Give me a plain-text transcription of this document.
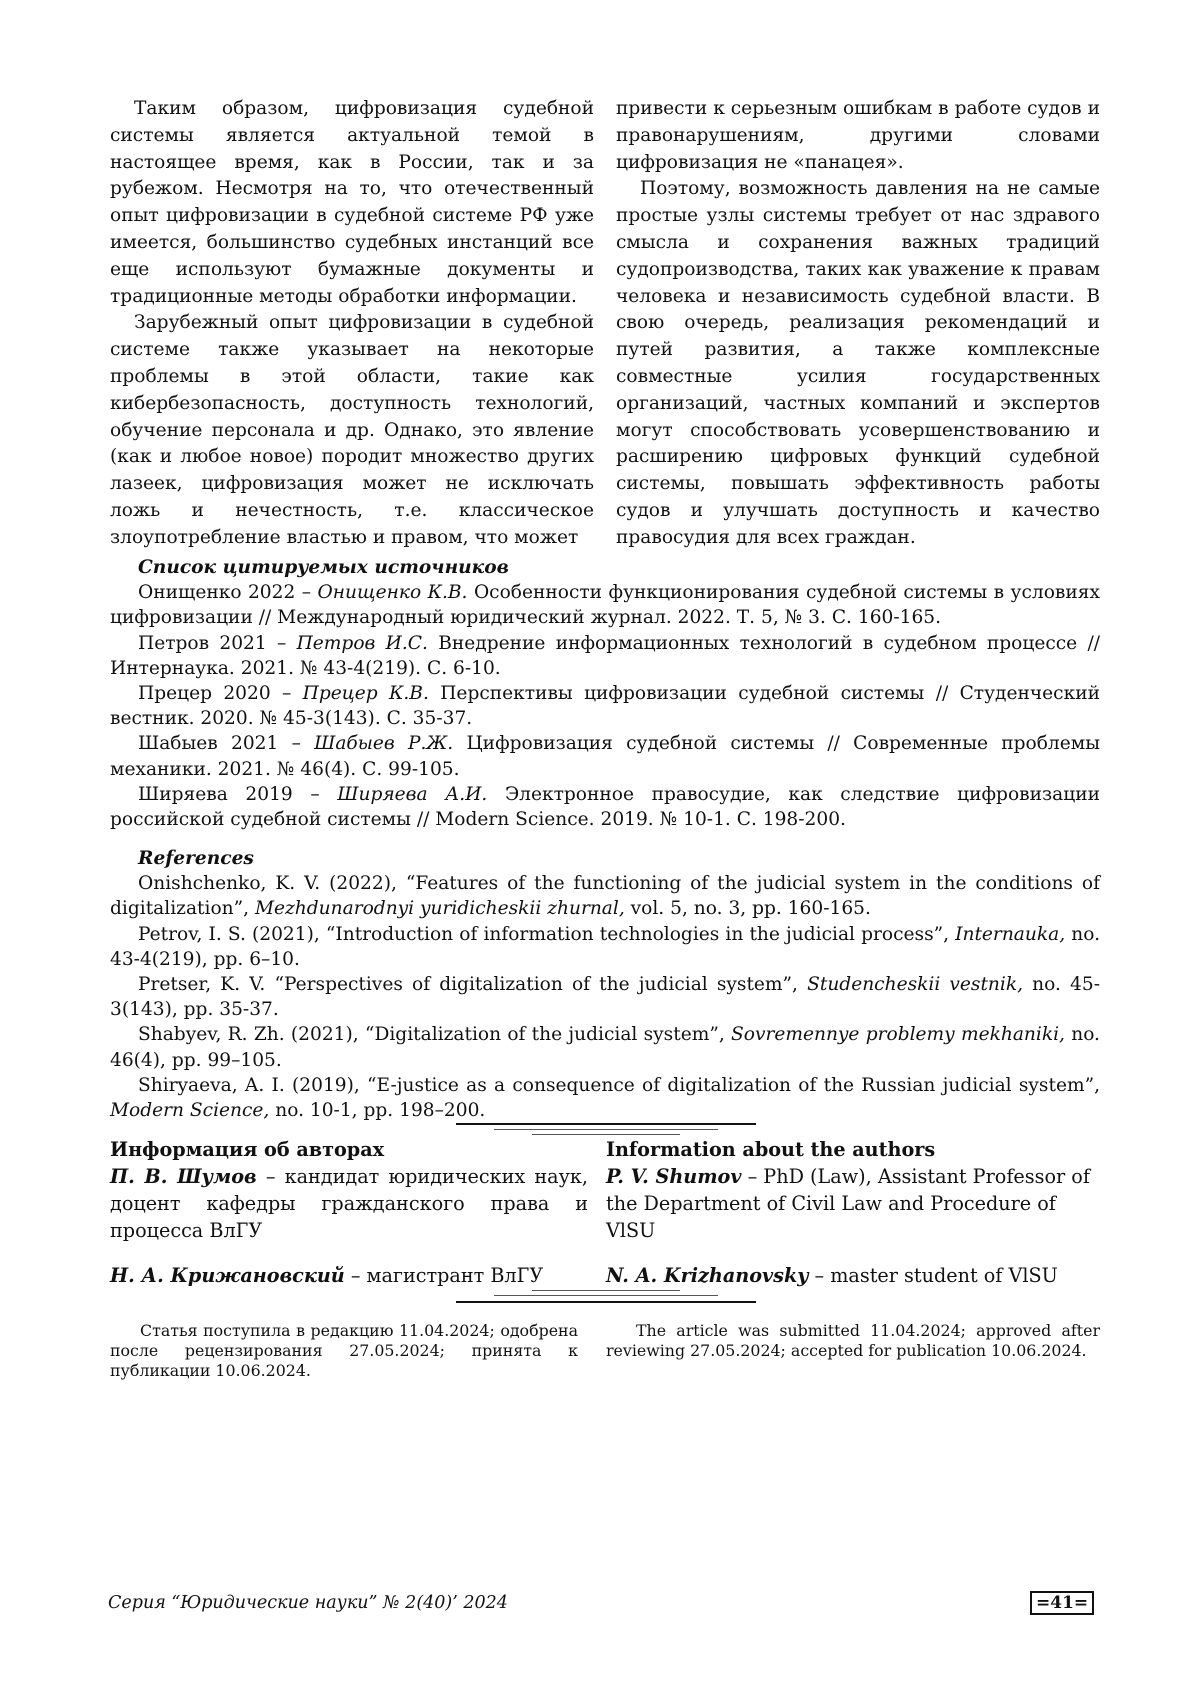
Таким образом, цифровизация судебной системы является актуальной темой в настоящее время, как в России, так и за рубежом. Несмотря на то, что отечественный опыт цифровизации в судебной системе РФ уже имеется, большинство судебных инстанций все еще используют бумажные документы и традиционные методы обработки информации.

Зарубежный опыт цифровизации в судебной системе также указывает на некоторые проблемы в этой области, такие как кибербезопасность, доступность технологий, обучение персонала и др. Однако, это явление (как и любое новое) породит множество других лазеек, цифровизация может не исключать ложь и нечестность, т.е. классическое злоупотребление властью и правом, что может

привести к серьезным ошибкам в работе судов и правонарушениям, другими словами цифровизация не «панацея».

Поэтому, возможность давления на не самые простые узлы системы требует от нас здравого смысла и сохранения важных традиций судопроизводства, таких как уважение к правам человека и независимость судебной власти. В свою очередь, реализация рекомендаций и путей развития, а также комплексные совместные усилия государственных организаций, частных компаний и экспертов могут способствовать усовершенствованию и расширению цифровых функций судебной системы, повышать эффективность работы судов и улучшать доступность и качество правосудия для всех граждан.

Список цитируемых источников

Онищенко 2022 – Онищенко К.В. Особенности функционирования судебной системы в условиях цифровизации // Международный юридический журнал. 2022. Т. 5, № 3. С. 160-165.

Петров 2021 – Петров И.С. Внедрение информационных технологий в судебном процессе // Интернаука. 2021. № 43-4(219). С. 6-10.

Прецер 2020 – Прецер К.В. Перспективы цифровизации судебной системы // Студенческий вестник. 2020. № 45-3(143). С. 35-37.

Шабыев 2021 – Шабыев Р.Ж. Цифровизация судебной системы // Современные проблемы механики. 2021. № 46(4). С. 99-105.

Ширяева 2019 – Ширяева А.И. Электронное правосудие, как следствие цифровизации российской судебной системы // Modern Science. 2019. № 10-1. С. 198-200.

References

Onishchenko, K. V. (2022), “Features of the functioning of the judicial system in the conditions of digitalization”, Mezhdunarodnyi yuridicheskii zhurnal, vol. 5, no. 3, pp. 160-165.

Petrov, I. S. (2021), “Introduction of information technologies in the judicial process”, Internauka, no. 43-4(219), pp. 6–10.

Pretser, K. V. “Perspectives of digitalization of the judicial system”, Studencheskii vestnik, no. 45-3(143), pp. 35-37.

Shabyev, R. Zh. (2021), “Digitalization of the judicial system”, Sovremennye problemy mekhaniki, no. 46(4), pp. 99–105.

Shiryaeva, A. I. (2019), “E-justice as a consequence of digitalization of the Russian judicial system”, Modern Science, no. 10-1, pp. 198–200.

Информация об авторах
П. В. Шумов – кандидат юридических наук, доцент кафедры гражданского права и процесса ВлГУ
Information about the authors
P. V. Shumov – PhD (Law), Assistant Professor of the Department of Civil Law and Procedure of VlSU
Н. А. Крижановский – магистрант ВлГУ	N. A. Krizhanovsky – master student of VlSU
Статья поступила в редакцию 11.04.2024; одобрена после рецензирования 27.05.2024; принята к публикации 10.06.2024.
The article was submitted 11.04.2024; approved after reviewing 27.05.2024; accepted for publication 10.06.2024.
Серия “Юридические науки” № 2(40)’ 2024	=41=
